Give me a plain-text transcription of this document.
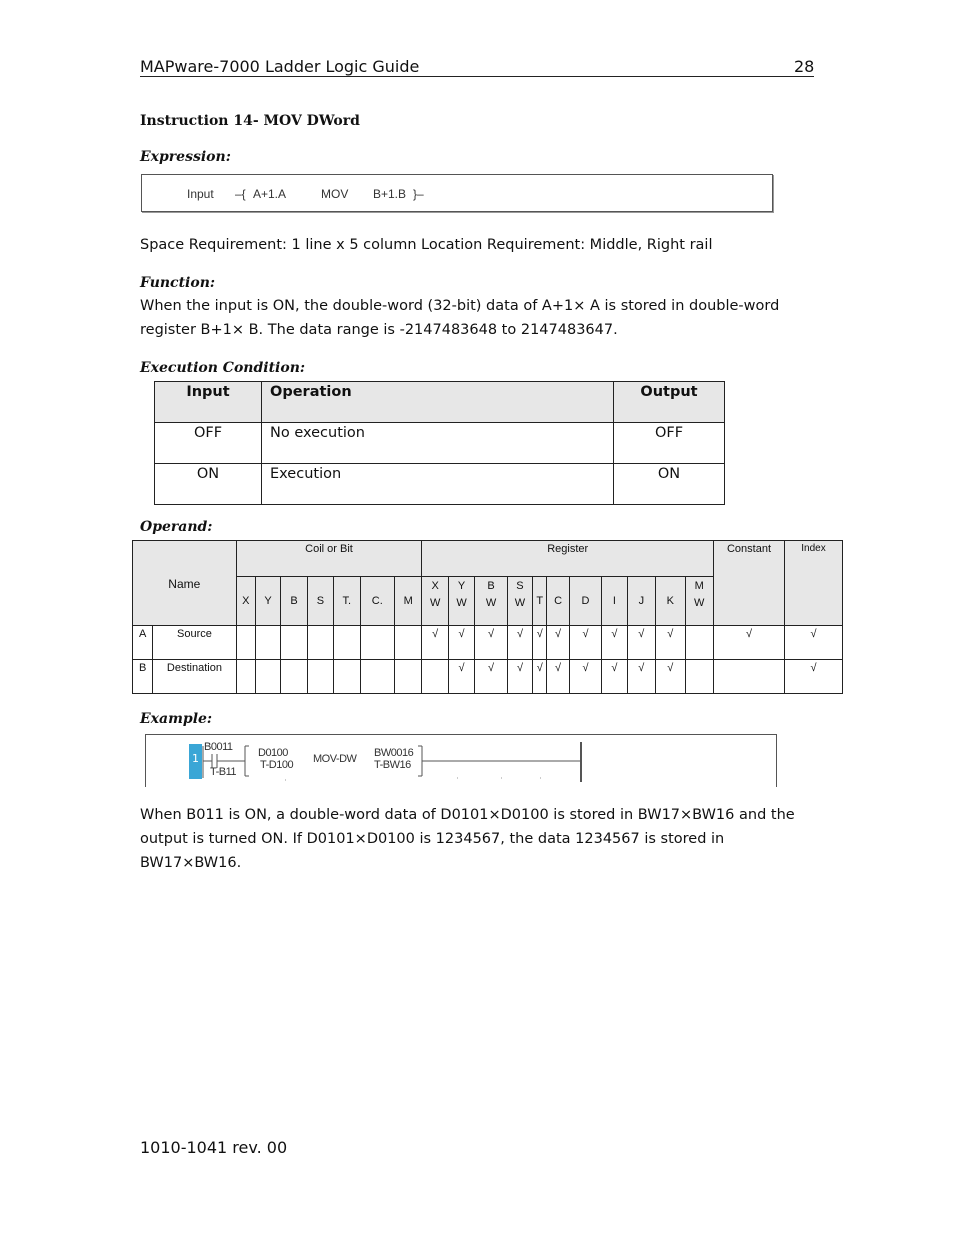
MAPware-7000 Ladder Logic Guide	28
Instruction 14- MOV DWord
Expression:
Input –{ A+1.A	MOV B+1.B }–
Space Requirement: 1 line x 5 column Location Requirement: Middle, Right rail
Function:
When the input is ON, the double-word (32-bit) data of A+1× A is stored in double-word register B+1× B. The data range is -2147483648 to 2147483647.
Execution Condition:
Input	Operation	Output
OFF	No execution	OFF
ON	Execution	ON
Operand:
Name		Coil or Bit							Register											Constant	Index
		X	Y	B	S	T.	C.	M	X W	Y W	B W	S W	T	C	D	I	J	K	M W		
A	Source								√	√	√	√	√	√	√	√	√	√		√	√
B	Destination									√	√	√	√	√	√	√	√	√			√
Example:
1
B0011
T-B11
D0100
T-D100 MOV-DW BW0016
T-BW16
When B011 is ON, a double-word data of D0101×D0100 is stored in BW17×BW16 and the output is turned ON. If D0101×D0100 is 1234567, the data 1234567 is stored in BW17×BW16.
1010-1041 rev. 00
